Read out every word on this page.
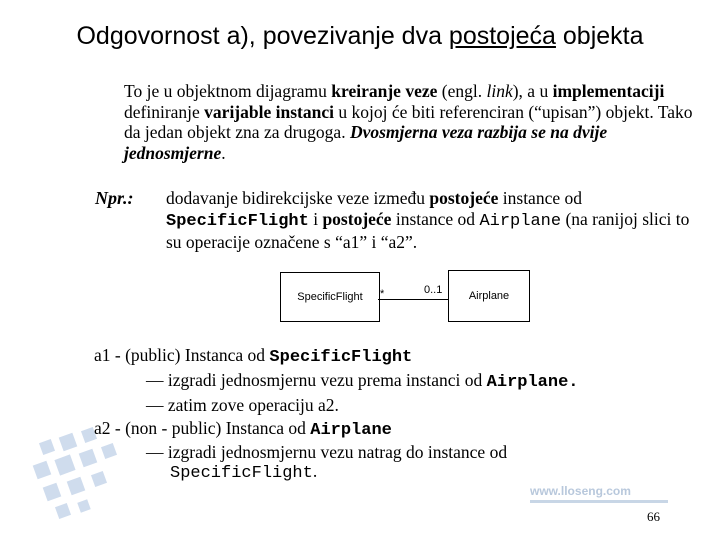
Odgovornost a), povezivanje dva postojeća objekta
To je u objektnom dijagramu kreiranje veze (engl. link), a u implementaciji definiranje varijable instanci u kojoj će biti referenciran (“upisan”) objekt. Tako da jedan objekt zna za drugoga. Dvosmjerna veza razbija se na dvije jednosmjerne.
Npr.: dodavanje bidirekcijske veze između postojeće instance od
SpecificFlight i postojeće instance od Airplane (na ranijoj slici to su operacije označene s “a1” i “a2”.
SpecificFlight	Airplane
*	0..1
a1 - (public) Instanca od SpecificFlight
— izgradi jednosmjernu vezu prema instanci od Airplane.
— zatim zove operaciju a2.
a2 - (non - public) Instanca od Airplane
— izgradi jednosmjernu vezu natrag do instance od
SpecificFlight.
www.lloseng.com
66
